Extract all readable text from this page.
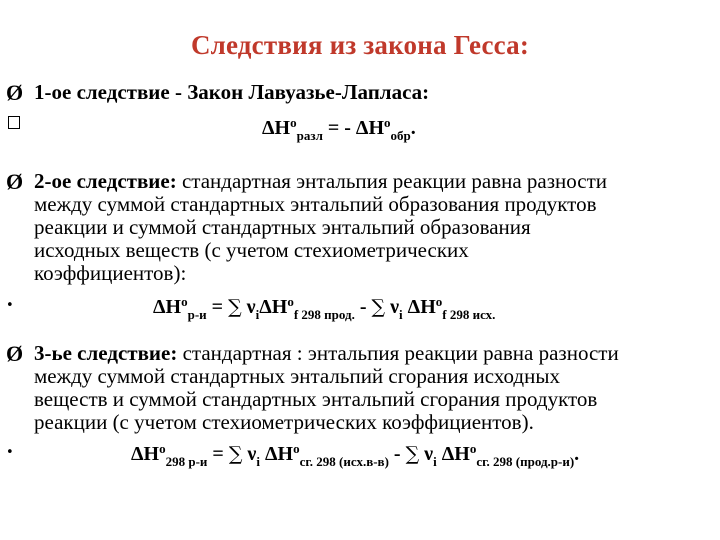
Следствия из закона Гесса:
Ø 1-ое следствие - Закон Лавуазье-Лапласа:
$\Delta Н^о_{разл}$ = - $\Delta Н^о_{обр}$.
Ø 2-ое следствие: стандартная энтальпия реакции равна разности
между суммой стандартных энтальпий образования продуктов
реакции и суммой стандартных энтальпий образования
исходных веществ (с учетом стехиометрических
коэффициентов):
•	$\Delta Н^о_{р-и}$ = ∑ $\nu_i\Delta Н^о_{f 298 прод.}$ - ∑ $\nu_i$ $\Delta Н^о_{f 298 исх.}$
Ø 3-ье следствие: стандартная : энтальпия реакции равна разности
между суммой стандартных энтальпий сгорания исходных
веществ и суммой стандартных энтальпий сгорания продуктов
реакции (с учетом стехиометрических коэффициентов).
•	$\Delta Н^о_{298 р-и}$ = ∑ $\nu_i$ $\Delta Н^о_{сг. 298 (исх.в-в)}$ - ∑ $\nu_i$ $\Delta Н^о_{сг. 298 (прод.р-и)}$.
